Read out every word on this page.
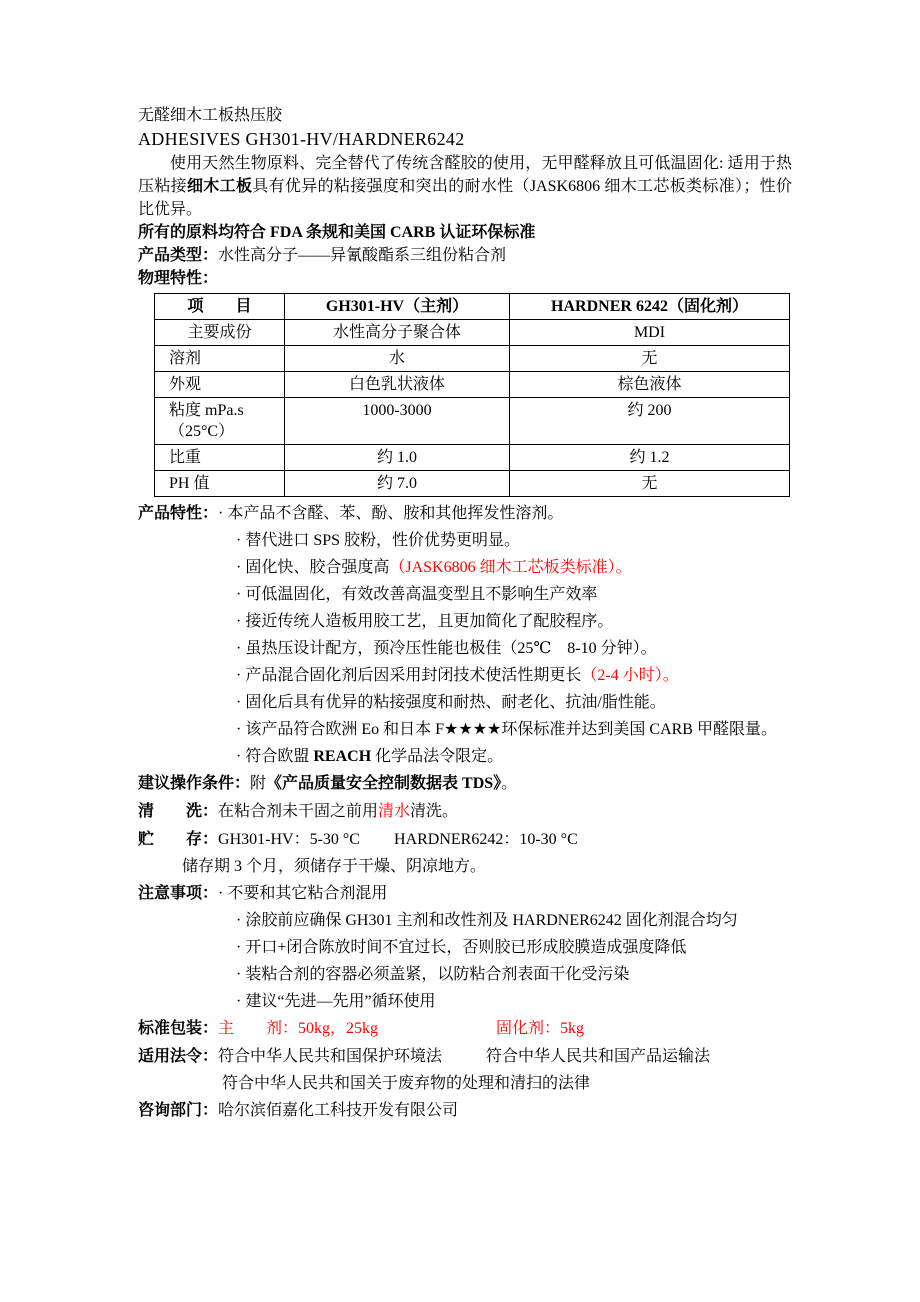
无醛细木工板热压胶
ADHESIVES GH301-HV/HARDNER6242

使用天然生物原料、完全替代了传统含醛胶的使用，无甲醛释放且可低温固化: 适用于热压粘接细木工板具有优异的粘接强度和突出的耐水性（JASK6806 细木工芯板类标准）；性价比优异。

所有的原料均符合 FDA 条规和美国 CARB 认证环保标准
产品类型：水性高分子——异氰酸酯系三组份粘合剂
物理特性：
项　　目	GH301-HV（主剂）	HARDNER 6242（固化剂）
主要成份	水性高分子聚合体	MDI
溶剂	水	无
外观	白色乳状液体	棕色液体
粘度 mPa.s（25°C）	1000-3000	约 200
比重	约 1.0	约 1.2
PH 值	约 7.0	无
产品特性： · 本产品不含醛、苯、酚、胺和其他挥发性溶剂。
· 替代进口 SPS 胶粉，性价优势更明显。
· 固化快、胶合强度高（JASK6806 细木工芯板类标准）。
· 可低温固化，有效改善高温变型且不影响生产效率
· 接近传统人造板用胶工艺，且更加简化了配胶程序。
· 虽热压设计配方，预冷压性能也极佳（25℃　8-10 分钟）。
· 产品混合固化剂后因采用封闭技术使活性期更长（2-4 小时）。
· 固化后具有优异的粘接强度和耐热、耐老化、抗油/脂性能。
· 该产品符合欧洲 Eo 和日本 F★★★★环保标准并达到美国 CARB 甲醛限量。
· 符合欧盟 REACH 化学品法令限定。
建议操作条件： 附《产品质量安全控制数据表 TDS》。
清　　洗： 在粘合剂未干固之前用清水清洗。
贮　　存： GH301-HV：5-30 °C HARDNER6242：10-30 °C
储存期 3 个月，须储存于干燥、阴凉地方。
注意事项： · 不要和其它粘合剂混用
· 涂胶前应确保 GH301 主剂和改性剂及 HARDNER6242 固化剂混合均匀
· 开口+闭合陈放时间不宜过长，否则胶已形成胶膜造成强度降低
· 装粘合剂的容器必须盖紧，以防粘合剂表面干化受污染
· 建议“先进—先用”循环使用
标准包装： 主　　剂：50kg，25kg	固化剂：5kg
适用法令： 符合中华人民共和国保护环境法	符合中华人民共和国产品运输法
符合中华人民共和国关于废弃物的处理和清扫的法律
咨询部门： 哈尔滨佰嘉化工科技开发有限公司
